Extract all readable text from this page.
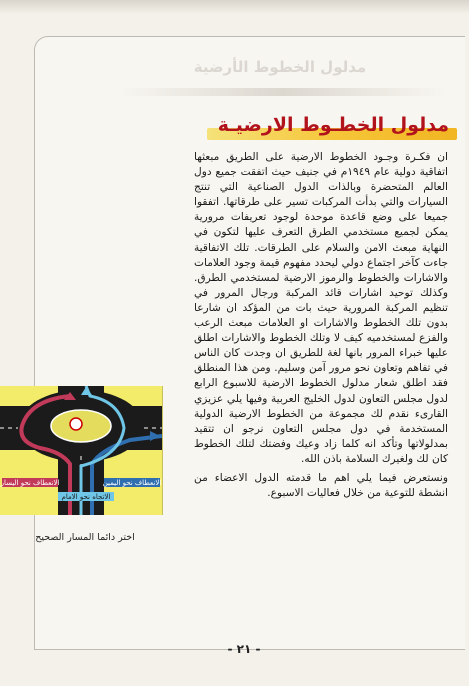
مدلول الخطوط الأرضية
مدلول الخطـوط الارضيـة

ان فكـرة وجـود الخطوط الارضية على الطريق مبعثها اتفاقية دولية عام ١٩٤٩م في جنيف حيث اتفقت جميع دول العالم المتحضرة وبالذات الدول الصناعية التي تنتج السيارات والتي بدأت المركبات تسير على طرقاتها. اتفقوا جميعا على وضع قاعدة موحدة لوجود تعريفات مرورية يمكن لجميع مستخدمي الطرق التعرف عليها لتكون في النهاية مبعث الامن والسلام على الطرقات. تلك الاتفاقية جاءت كآخر اجتماع دولي ليحدد مفهوم قيمة وجود العلامات والاشارات والخطوط والرموز الارضية لمستخدمي الطرق. وكذلك توحيد اشارات قائد المركبة ورجال المرور في تنظيم المركبة المرورية حيث بات من المؤكد ان شارعا بدون تلك الخطوط والاشارات او العلامات مبعث الرعب والفزع لمستخدميه كيف لا وتلك الخطوط والاشارات اطلق عليها خبراء المرور بانها لغة للطريق ان وجدت كان الناس في تفاهم وتعاون نحو مرور آمن وسليم. ومن هذا المنطلق فقد اطلق شعار مدلول الخطوط الارضية للاسبوع الرابع لدول مجلس التعاون لدول الخليج العربية وفيها يلي عزيزي القارىء نقدم لك مجموعة من الخطوط الارضية الدولية المستخدمة في دول مجلس التعاون نرجو ان تتقيد بمدلولاتها وتأكد انه كلما زاد وعيك وفضتك لتلك الخطوط كان لك ولغيرك السلامة باذن الله.

ونستعرض فيما يلي اهم ما قدمته الدول الاعضاء من انشطة للتوعية من خلال فعاليات الاسبوع.

الانعطاف نحو اليسار	الانعطاف نحو اليمين
الاتجاه نحو الامام
اختر دائما المسار الصحيح
- ٢١ -
